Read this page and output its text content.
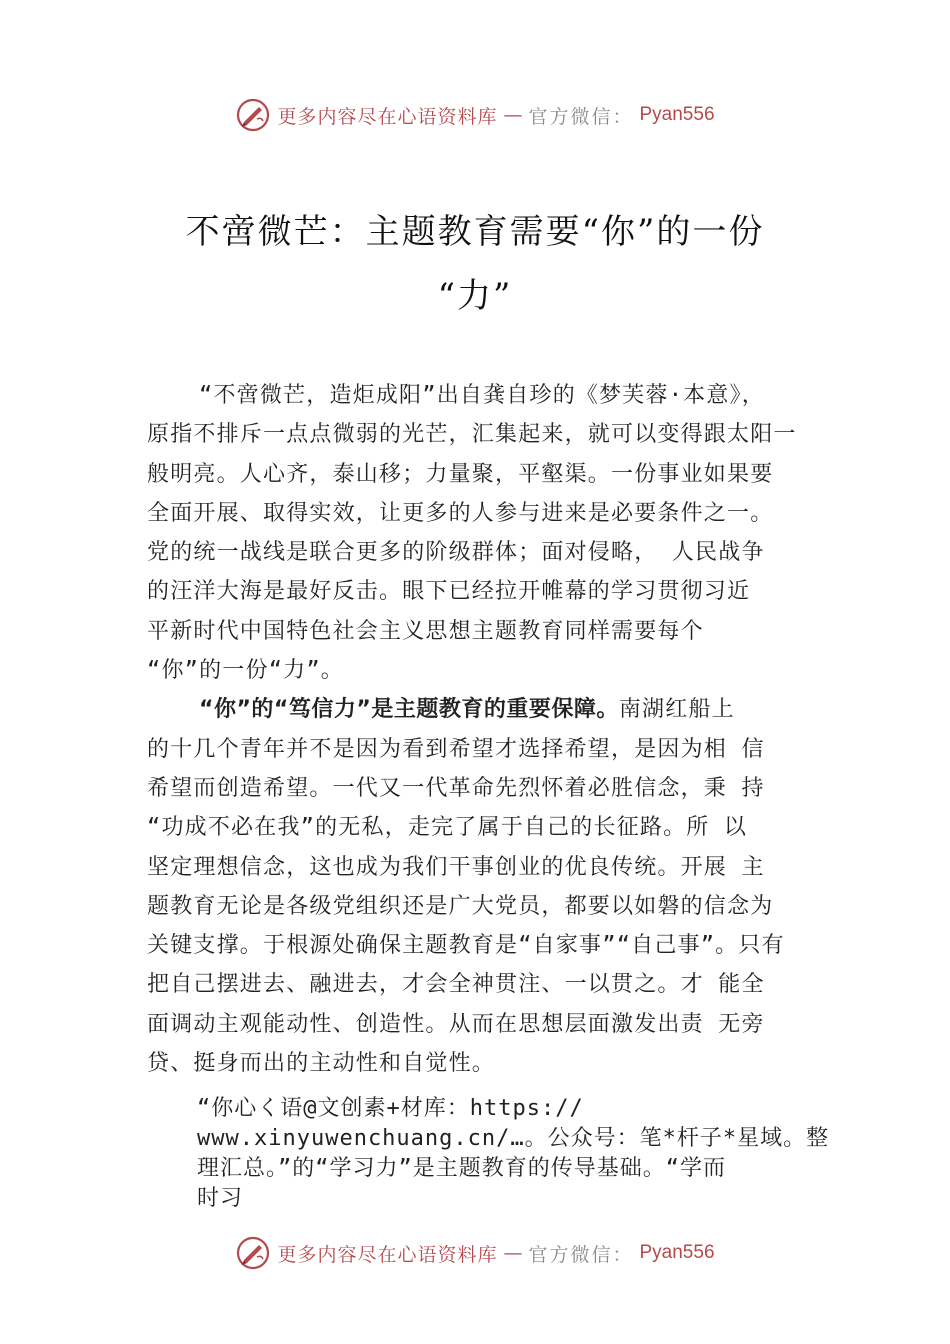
更多内容尽在心语资料库 — 官方微信： Pyan556
不啻微芒：主题教育需要“你”的一份
“力”
“不啻微芒，造炬成阳”出自龚自珍的《梦芙蓉·本意》，
原指不排斥一点点微弱的光芒，汇集起来，就可以变得跟太阳一
般明亮。人心齐，泰山移；力量聚，平壑渠。一份事业如果要
全面开展、取得实效，让更多的人参与进来是必要条件之一。
党的统一战线是联合更多的阶级群体；面对侵略， 人民战争
的汪洋大海是最好反击。眼下已经拉开帷幕的学习贯彻习近
平新时代中国特色社会主义思想主题教育同样需要每个
“你”的一份“力”。
“你”的“笃信力”是主题教育的重要保障。南湖红船上
的十几个青年并不是因为看到希望才选择希望，是因为相 信
希望而创造希望。一代又一代革命先烈怀着必胜信念，秉 持
“功成不必在我”的无私，走完了属于自己的长征路。所 以
坚定理想信念，这也成为我们干事创业的优良传统。开展 主
题教育无论是各级党组织还是广大党员，都要以如磐的信念为
关键支撑。于根源处确保主题教育是“自家事”“自己事”。只有
把自己摆进去、融进去，才会全神贯注、一以贯之。才 能全
面调动主观能动性、创造性。从而在思想层面激发出责 无旁
贷、挺身而出的主动性和自觉性。
“你心く语@文创素+材库：https://
www.xinyuwenchuang.cn/…。公众号：笔*杆子*星域。整
理汇总。”的“学习力”是主题教育的传导基础。“学而
时习
更多内容尽在心语资料库 — 官方微信： Pyan556
